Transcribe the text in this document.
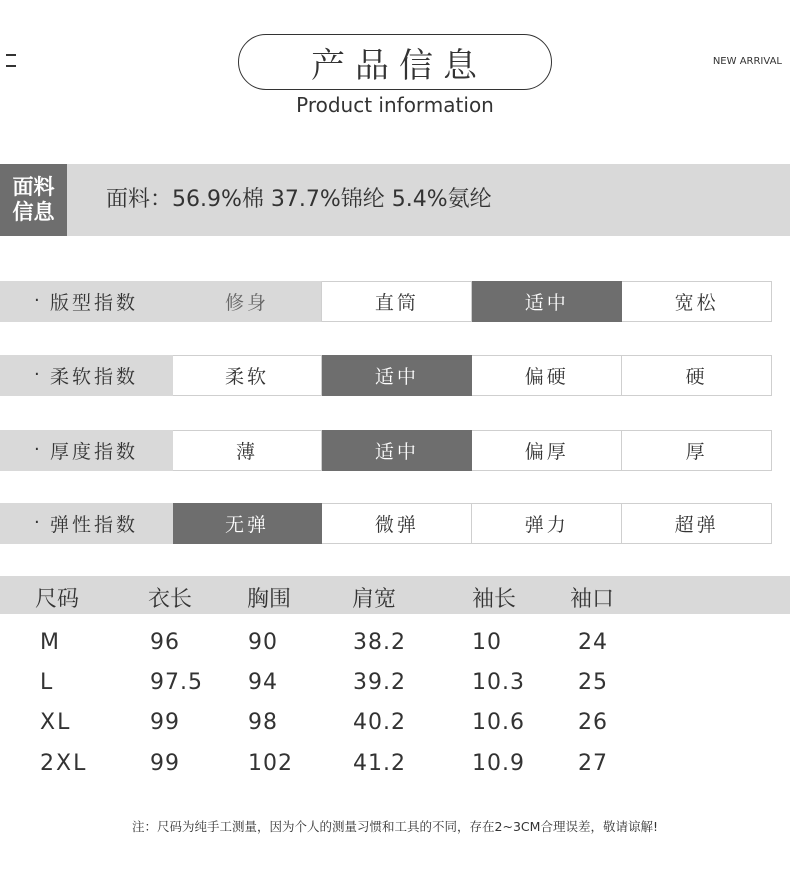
产品信息
Product information
NEW ARRIVAL
面料
信息 面料：56.9%棉 37.7%锦纶 5.4%氨纶
· 版型指数	修身	直筒	适中	宽松
· 柔软指数	柔软	适中	偏硬	硬
· 厚度指数	薄	适中	偏厚	厚
· 弹性指数	无弹	微弹	弹力	超弹
尺码	衣长 胸围	肩宽	袖长 袖口
M	96	90	38.2	10	24
L	97.5 94	39.2	10.3 25
XL	99	98	40.2	10.6 26
2XL	99	102	41.2	10.9 27
注：尺码为纯手工测量，因为个人的测量习惯和工具的不同，存在2~3CM合理误差，敬请谅解!
